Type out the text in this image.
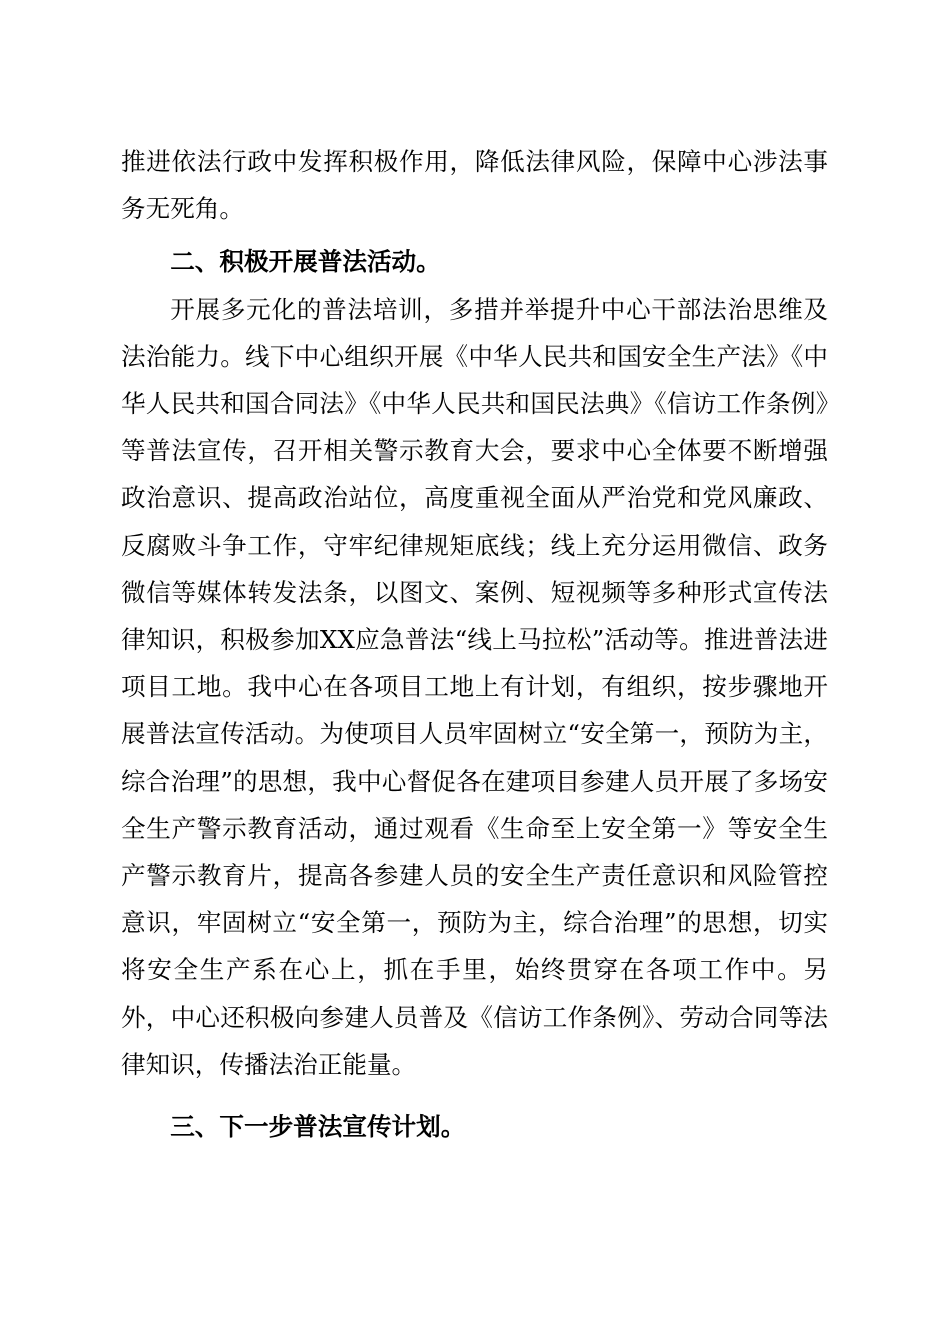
推进依法行政中发挥积极作用，降低法律风险，保障中心涉法事务无死角。

二、积极开展普法活动。

开展多元化的普法培训，多措并举提升中心干部法治思维及法治能力。线下中心组织开展《中华人民共和国安全生产法》《中华人民共和国合同法》《中华人民共和国民法典》《信访工作条例》等普法宣传，召开相关警示教育大会，要求中心全体要不断增强政治意识、提高政治站位，高度重视全面从严治党和党风廉政、反腐败斗争工作，守牢纪律规矩底线；线上充分运用微信、政务微信等媒体转发法条，以图文、案例、短视频等多种形式宣传法律知识，积极参加XX应急普法“线上马拉松”活动等。推进普法进项目工地。我中心在各项目工地上有计划，有组织，按步骤地开展普法宣传活动。为使项目人员牢固树立“安全第一，预防为主，综合治理”的思想，我中心督促各在建项目参建人员开展了多场安全生产警示教育活动，通过观看《生命至上安全第一》等安全生产警示教育片，提高各参建人员的安全生产责任意识和风险管控意识，牢固树立“安全第一，预防为主，综合治理”的思想，切实将安全生产系在心上，抓在手里，始终贯穿在各项工作中。另外，中心还积极向参建人员普及《信访工作条例》、劳动合同等法律知识，传播法治正能量。

三、下一步普法宣传计划。
